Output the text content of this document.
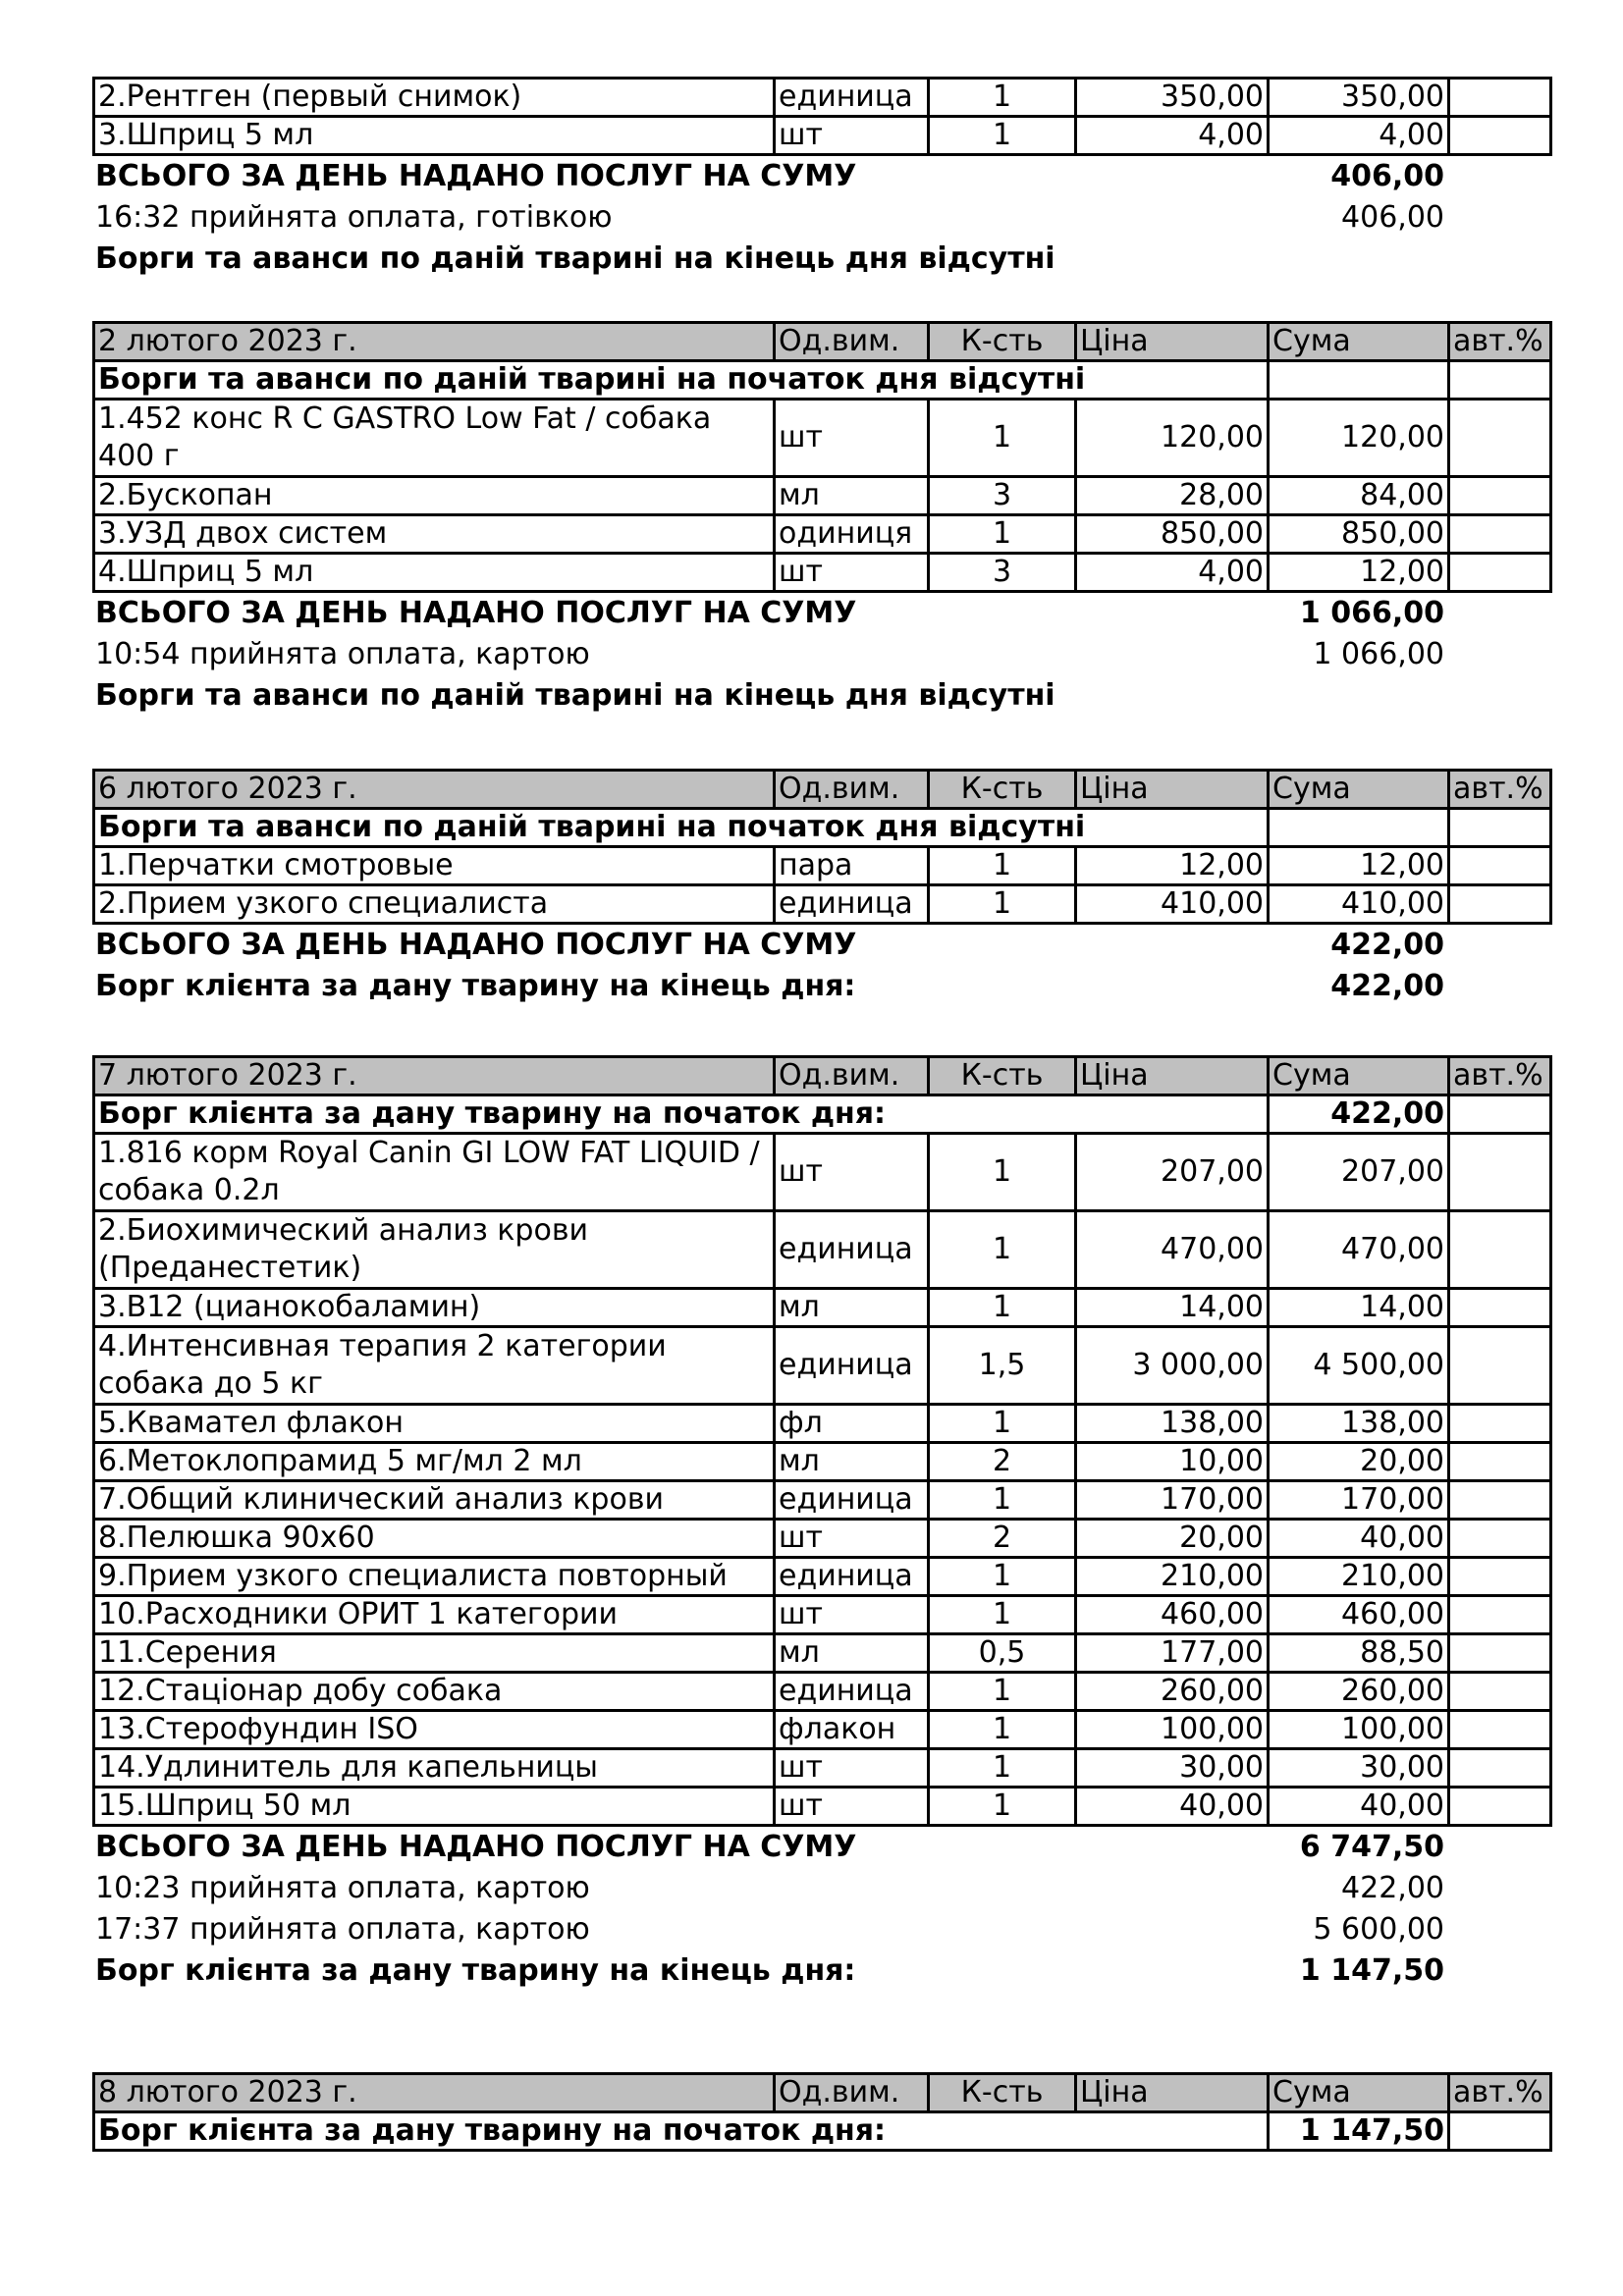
2.Рентген (первый снимок)	единица	1	350,00	350,00	
3.Шприц 5 мл	шт	1	4,00	4,00	
ВСЬОГО ЗА ДЕНЬ НАДАНО ПОСЛУГ НА СУМУ	406,00
16:32 прийнята оплата, готівкою	406,00
Борги та аванси по даній тварині на кінець дня відсутні
2 лютого 2023 г.	Од.вим.	К-сть	Ціна	Сума	авт.%
Борги та аванси по даній тварині на початок дня відсутні					
1.452 конс R C GASTRO Low Fat / собака 400 г	шт	1	120,00	120,00	
2.Бускопан	мл	3	28,00	84,00	
3.УЗД двох систем	одиниця	1	850,00	850,00	
4.Шприц 5 мл	шт	3	4,00	12,00	
ВСЬОГО ЗА ДЕНЬ НАДАНО ПОСЛУГ НА СУМУ	1 066,00
10:54 прийнята оплата, картою	1 066,00
Борги та аванси по даній тварині на кінець дня відсутні
6 лютого 2023 г.	Од.вим.	К-сть	Ціна	Сума	авт.%
Борги та аванси по даній тварині на початок дня відсутні					
1.Перчатки смотровые	пара	1	12,00	12,00	
2.Прием узкого специалиста	единица	1	410,00	410,00	
ВСЬОГО ЗА ДЕНЬ НАДАНО ПОСЛУГ НА СУМУ	422,00
Борг клієнта за дану тварину на кінець дня:	422,00
7 лютого 2023 г.	Од.вим.	К-сть	Ціна	Сума	авт.%
Борг клієнта за дану тварину на початок дня:				422,00	
1.816 корм Royal Canin GI LOW FAT LIQUID / собака 0.2л	шт	1	207,00	207,00	
2.Биохимический анализ крови (Преданестетик)	единица	1	470,00	470,00	
3.B12 (цианокобаламин)	мл	1	14,00	14,00	
4.Интенсивная терапия 2 категории собака до 5 кг	единица	1,5	3 000,00	4 500,00	
5.Квамател флакон	фл	1	138,00	138,00	
6.Метоклопрамид 5 мг/мл 2 мл	мл	2	10,00	20,00	
7.Общий клинический анализ крови	единица	1	170,00	170,00	
8.Пелюшка 90х60	шт	2	20,00	40,00	
9.Прием узкого специалиста повторный	единица	1	210,00	210,00	
10.Расходники ОРИТ 1 категории	шт	1	460,00	460,00	
11.Серения	мл	0,5	177,00	88,50	
12.Стаціонар добу собака	единица	1	260,00	260,00	
13.Стерофундин ISO	флакон	1	100,00	100,00	
14.Удлинитель для капельницы	шт	1	30,00	30,00	
15.Шприц 50 мл	шт	1	40,00	40,00	
ВСЬОГО ЗА ДЕНЬ НАДАНО ПОСЛУГ НА СУМУ	6 747,50
10:23 прийнята оплата, картою	422,00
17:37 прийнята оплата, картою	5 600,00
Борг клієнта за дану тварину на кінець дня:	1 147,50
8 лютого 2023 г.	Од.вим.	К-сть	Ціна	Сума	авт.%
Борг клієнта за дану тварину на початок дня:				1 147,50	
